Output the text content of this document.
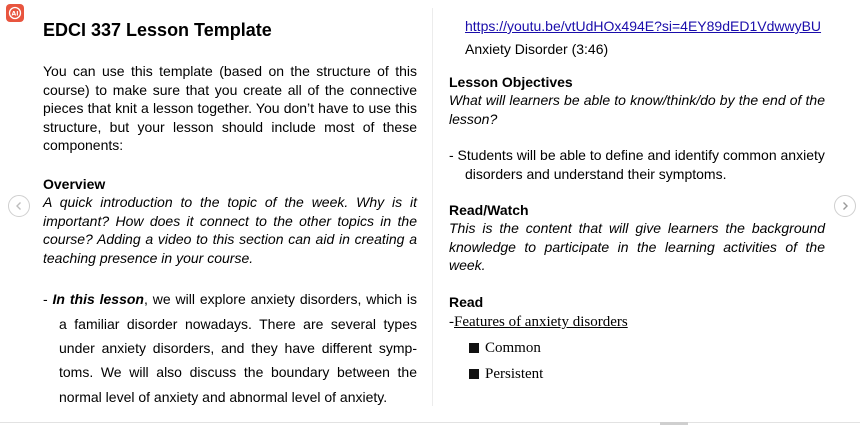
AI
EDCI 337 Lesson Template

You can use this template (based on the structure of this course) to make sure that you create all of the connective pieces that knit a lesson together. You don’t have to use this structure, but your lesson should include most of these components:

Overview

A quick introduction to the topic of the week. Why is it important? How does it connect to the other topics in the course? Adding a video to this section can aid in creating a teaching presence in your course.

- In this lesson, we will explore anxiety disorders, which is a familiar disorder nowadays. There are several types under anxiety disorders, and they have different symp-toms. We will also discuss the boundary between the normal level of anxiety and abnormal level of anxiety.

https://youtu.be/vtUdHOx494E?si=4EY89dED1VdwwyBU

Anxiety Disorder (3:46)

Lesson Objectives

What will learners be able to know/think/do by the end of the lesson?

- Students will be able to define and identify common anxiety disorders and understand their symptoms.

Read/Watch

This is the content that will give learners the background knowledge to participate in the learning activities of the week.

Read

-Features of anxiety disorders

Common
Persistent
